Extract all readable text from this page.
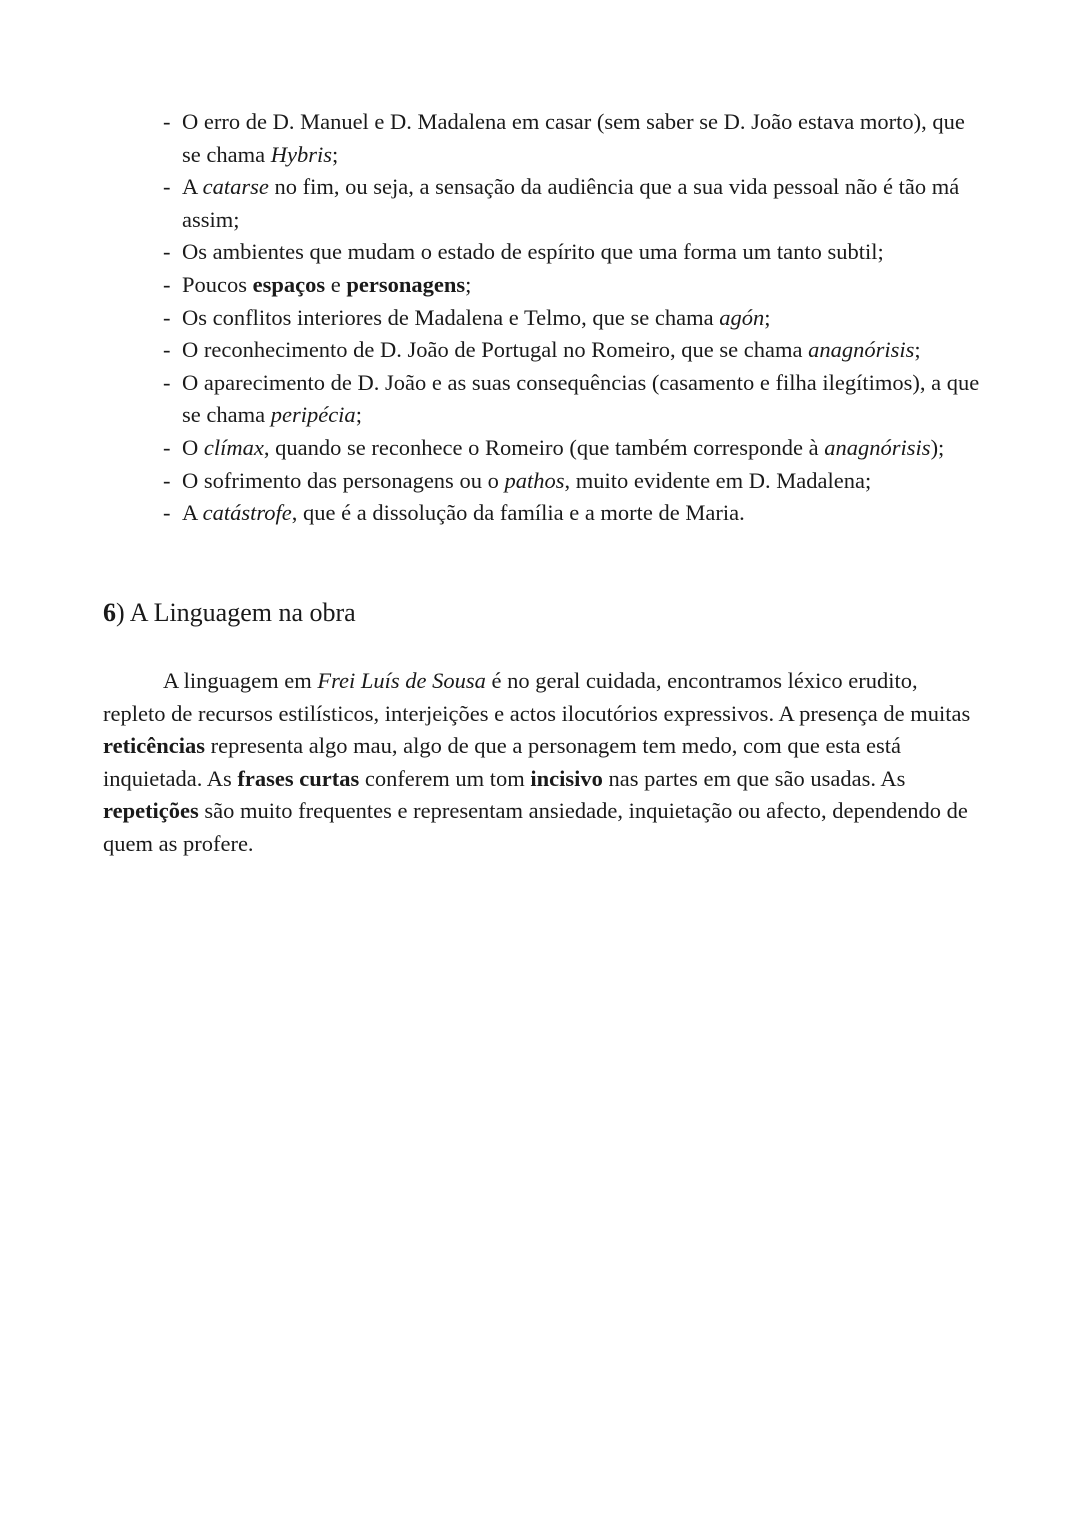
- O erro de D. Manuel e D. Madalena em casar (sem saber se D. João estava morto), que se chama Hybris;
- A catarse no fim, ou seja, a sensação da audiência que a sua vida pessoal não é tão má assim;
- Os ambientes que mudam o estado de espírito que uma forma um tanto subtil;
- Poucos espaços e personagens;
- Os conflitos interiores de Madalena e Telmo, que se chama agón;
- O reconhecimento de D. João de Portugal no Romeiro, que se chama anagnórisis;
- O aparecimento de D. João e as suas consequências (casamento e filha ilegítimos), a que se chama peripécia;
- O clímax, quando se reconhece o Romeiro (que também corresponde à anagnórisis);
- O sofrimento das personagens ou o pathos, muito evidente em D. Madalena;
- A catástrofe, que é a dissolução da família e a morte de Maria.
6) A Linguagem na obra

A linguagem em Frei Luís de Sousa é no geral cuidada, encontramos léxico erudito, repleto de recursos estilísticos, interjeições e actos ilocutórios expressivos. A presença de muitas reticências representa algo mau, algo de que a personagem tem medo, com que esta está inquietada. As frases curtas conferem um tom incisivo nas partes em que são usadas. As repetições são muito frequentes e representam ansiedade, inquietação ou afecto, dependendo de quem as profere.
